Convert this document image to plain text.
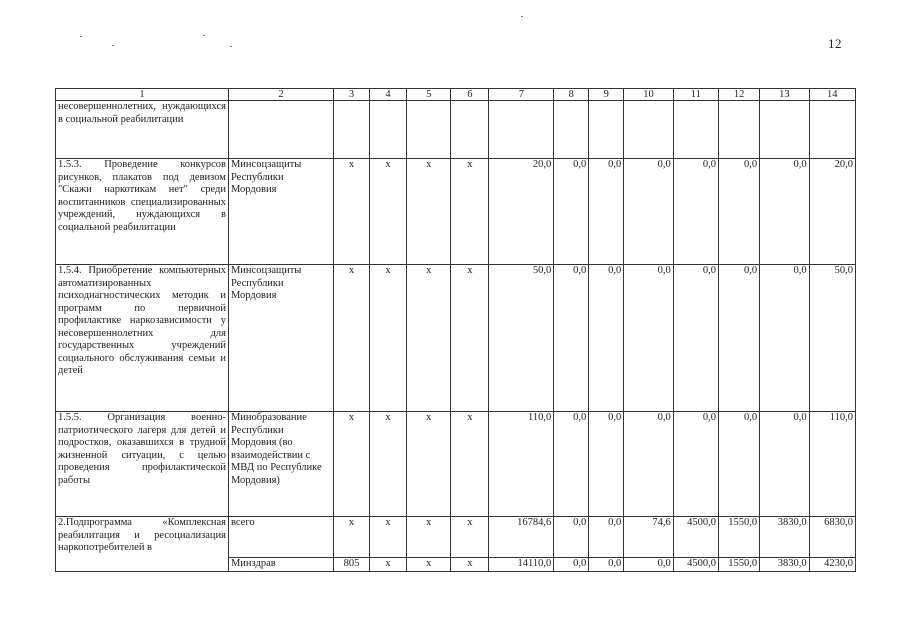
12
1	2	3	4	5	6	7	8	9	10	11	12	13	14
несовершеннолетних, нуждающихся в социальной реабилитации													
1.5.3. Проведение конкурсов рисунков, плакатов под девизом "Скажи наркотикам нет" среди воспитанников специализированных учреждений, нуждающихся в социальной реабилитации	Минсоцзащиты Республики Мордовия	х	х	х	х	20,0	0,0	0,0	0,0	0,0	0,0	0,0	20,0
1.5.4. Приобретение компьютерных автоматизированных психодиагностических методик и программ по первичной профилактике наркозависимости у несовершеннолетних для государственных учреждений социального обслуживания семьи и детей	Минсоцзащиты Республики Мордовия	х	х	х	х	50,0	0,0	0,0	0,0	0,0	0,0	0,0	50,0
1.5.5. Организация военно-патриотического лагеря для детей и подростков, оказавшихся в трудной жизненной ситуации, с целью проведения профилактической работы	Минобразование Республики Мордовия (во взаимодействии с МВД по Республике Мордовия)	х	х	х	х	110,0	0,0	0,0	0,0	0,0	0,0	0,0	110,0
2.Подпрограмма «Комплексная реабилитация и ресоциализация наркопотребителей в	всего	х	х	х	х	16784,6	0,0	0,0	74,6	4500,0	1550,0	3830,0	6830,0
	Минздрав	805	х	х	х	14110,0	0,0	0,0	0,0	4500,0	1550,0	3830,0	4230,0
